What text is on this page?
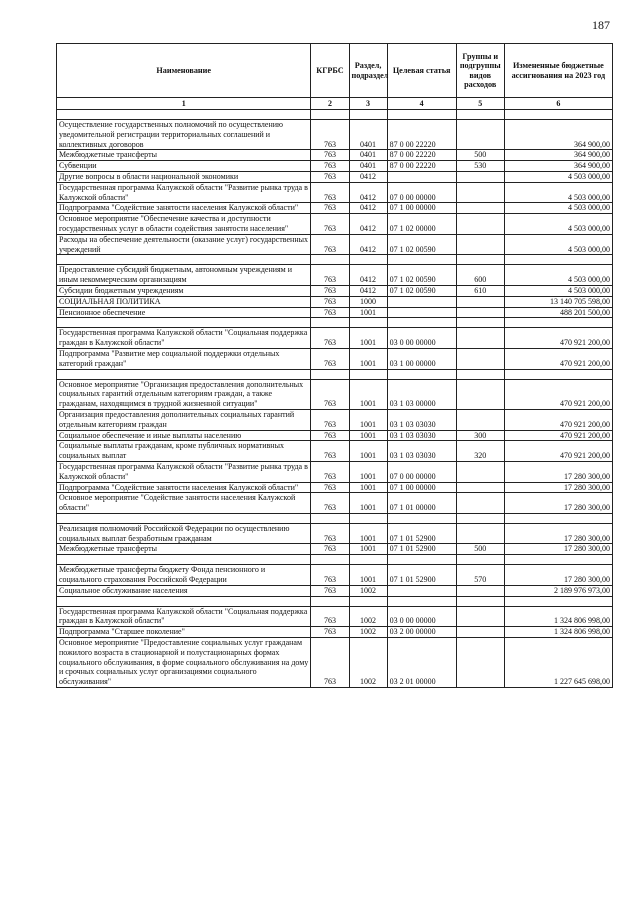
187
Наименование	КГРБС	Раздел, подраздел	Целевая статья	Группы и подгруппы видов расходов	Измененные бюджетные ассигнования на 2023 год
1	2	3	4	5	6

Осуществление государственных полномочий по осуществлению уведомительной регистрации территориальных соглашений и коллективных договоров	763	0401	87 0 00 22220		364 900,00
Межбюджетные трансферты	763	0401	87 0 00 22220	500	364 900,00
Субвенции	763	0401	87 0 00 22220	530	364 900,00
Другие вопросы в области национальной экономики	763	0412			4 503 000,00
Государственная программа Калужской области "Развитие рынка труда в Калужской области"	763	0412	07 0 00 00000		4 503 000,00
Подпрограмма "Содействие занятости населения Калужской области"	763	0412	07 1 00 00000		4 503 000,00
Основное мероприятие "Обеспечение качества и доступности государственных услуг в области содействия занятости населения"	763	0412	07 1 02 00000		4 503 000,00
Расходы на обеспечение деятельности (оказание услуг) государственных учреждений	763	0412	07 1 02 00590		4 503 000,00

Предоставление субсидий бюджетным, автономным учреждениям и иным некоммерческим организациям	763	0412	07 1 02 00590	600	4 503 000,00
Субсидии бюджетным учреждениям	763	0412	07 1 02 00590	610	4 503 000,00
СОЦИАЛЬНАЯ ПОЛИТИКА	763	1000			13 140 705 598,00
Пенсионное обеспечение	763	1001			488 201 500,00

Государственная программа Калужской области "Социальная поддержка граждан в Калужской области"	763	1001	03 0 00 00000		470 921 200,00
Подпрограмма "Развитие мер социальной поддержки отдельных категорий граждан"	763	1001	03 1 00 00000		470 921 200,00

Основное мероприятие "Организация предоставления дополнительных социальных гарантий отдельным категориям граждан, а также гражданам, находящимся в трудной жизненной ситуации"	763	1001	03 1 03 00000		470 921 200,00
Организация предоставления дополнительных социальных гарантий отдельным категориям граждан	763	1001	03 1 03 03030		470 921 200,00
Социальное обеспечение и иные выплаты населению	763	1001	03 1 03 03030	300	470 921 200,00
Социальные выплаты гражданам, кроме публичных нормативных социальных выплат	763	1001	03 1 03 03030	320	470 921 200,00
Государственная программа Калужской области "Развитие рынка труда в Калужской области"	763	1001	07 0 00 00000		17 280 300,00
Подпрограмма "Содействие занятости населения Калужской области"	763	1001	07 1 00 00000		17 280 300,00
Основное мероприятие "Содействие занятости населения Калужской области"	763	1001	07 1 01 00000		17 280 300,00

Реализация полномочий Российской Федерации по осуществлению социальных выплат безработным гражданам	763	1001	07 1 01 52900		17 280 300,00
Межбюджетные трансферты	763	1001	07 1 01 52900	500	17 280 300,00

Межбюджетные трансферты бюджету Фонда пенсионного и социального страхования Российской Федерации	763	1001	07 1 01 52900	570	17 280 300,00
Социальное обслуживание населения	763	1002			2 189 976 973,00

Государственная программа Калужской области "Социальная поддержка граждан в Калужской области"	763	1002	03 0 00 00000		1 324 806 998,00
Подпрограмма "Старшее поколение"	763	1002	03 2 00 00000		1 324 806 998,00
Основное мероприятие "Предоставление социальных услуг гражданам пожилого возраста в стационарной и полустационарных формах социального обслуживания, в форме социального обслуживания на дому и срочных социальных услуг организациями социального обслуживания"	763	1002	03 2 01 00000		1 227 645 698,00
